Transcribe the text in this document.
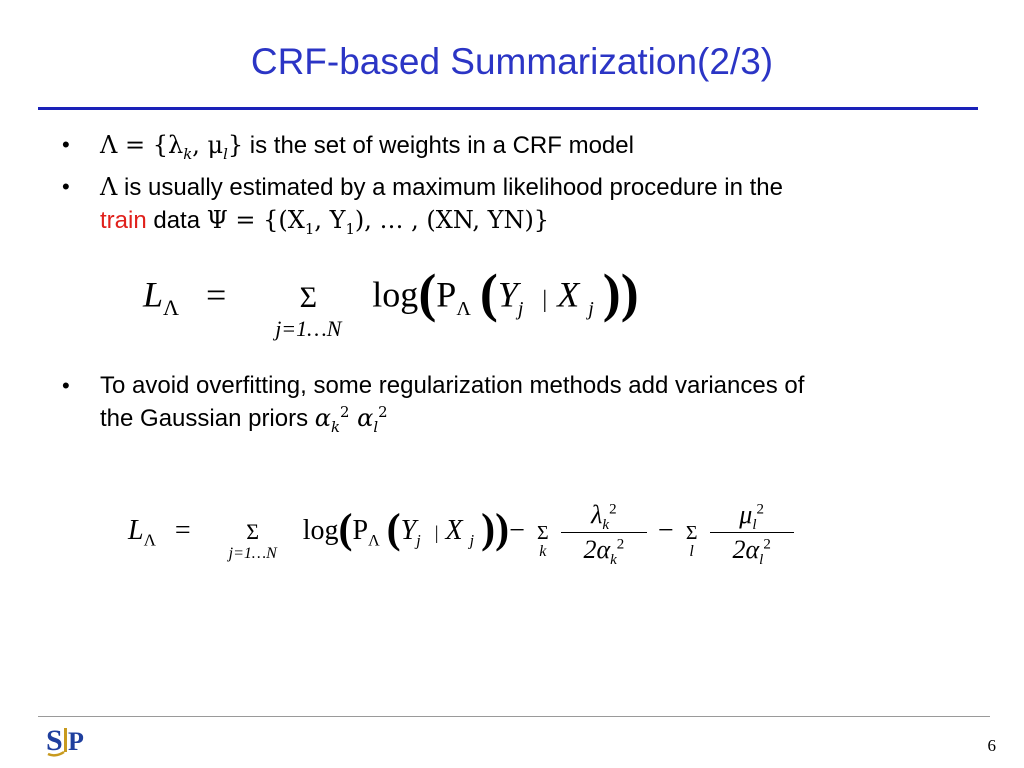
CRF-based Summarization(2/3)
•	$\Lambda = \{\lambda_k$, $\mu_l$} is the set of weights in a CRF model
•	Λ is usually estimated by a maximum likelihood procedure in the
train data $\Psi = \{(X_1$, $Y_1$), … , (XN, YN)}
$L_\Lambda = \Sigma$
j=1…N
$\log(P_\Lambda$ ($Y_j$ | X $_j$ ))
•	To avoid overfitting, some regularization methods add variances of
the Gaussian priors $\alpha_k^2$ $\alpha_l^2$
$L_\Lambda$ =	Σ
j=1…N
$\log(P_\Lambda$ ($Y_j$ | X $_j$ ))− Σ
k
$\frac{\lambda_k^2}{2\alpha_k^2} - \Sigma$
l
$\frac{\mu_l^2}{2\alpha_l^2}$
S P	6
